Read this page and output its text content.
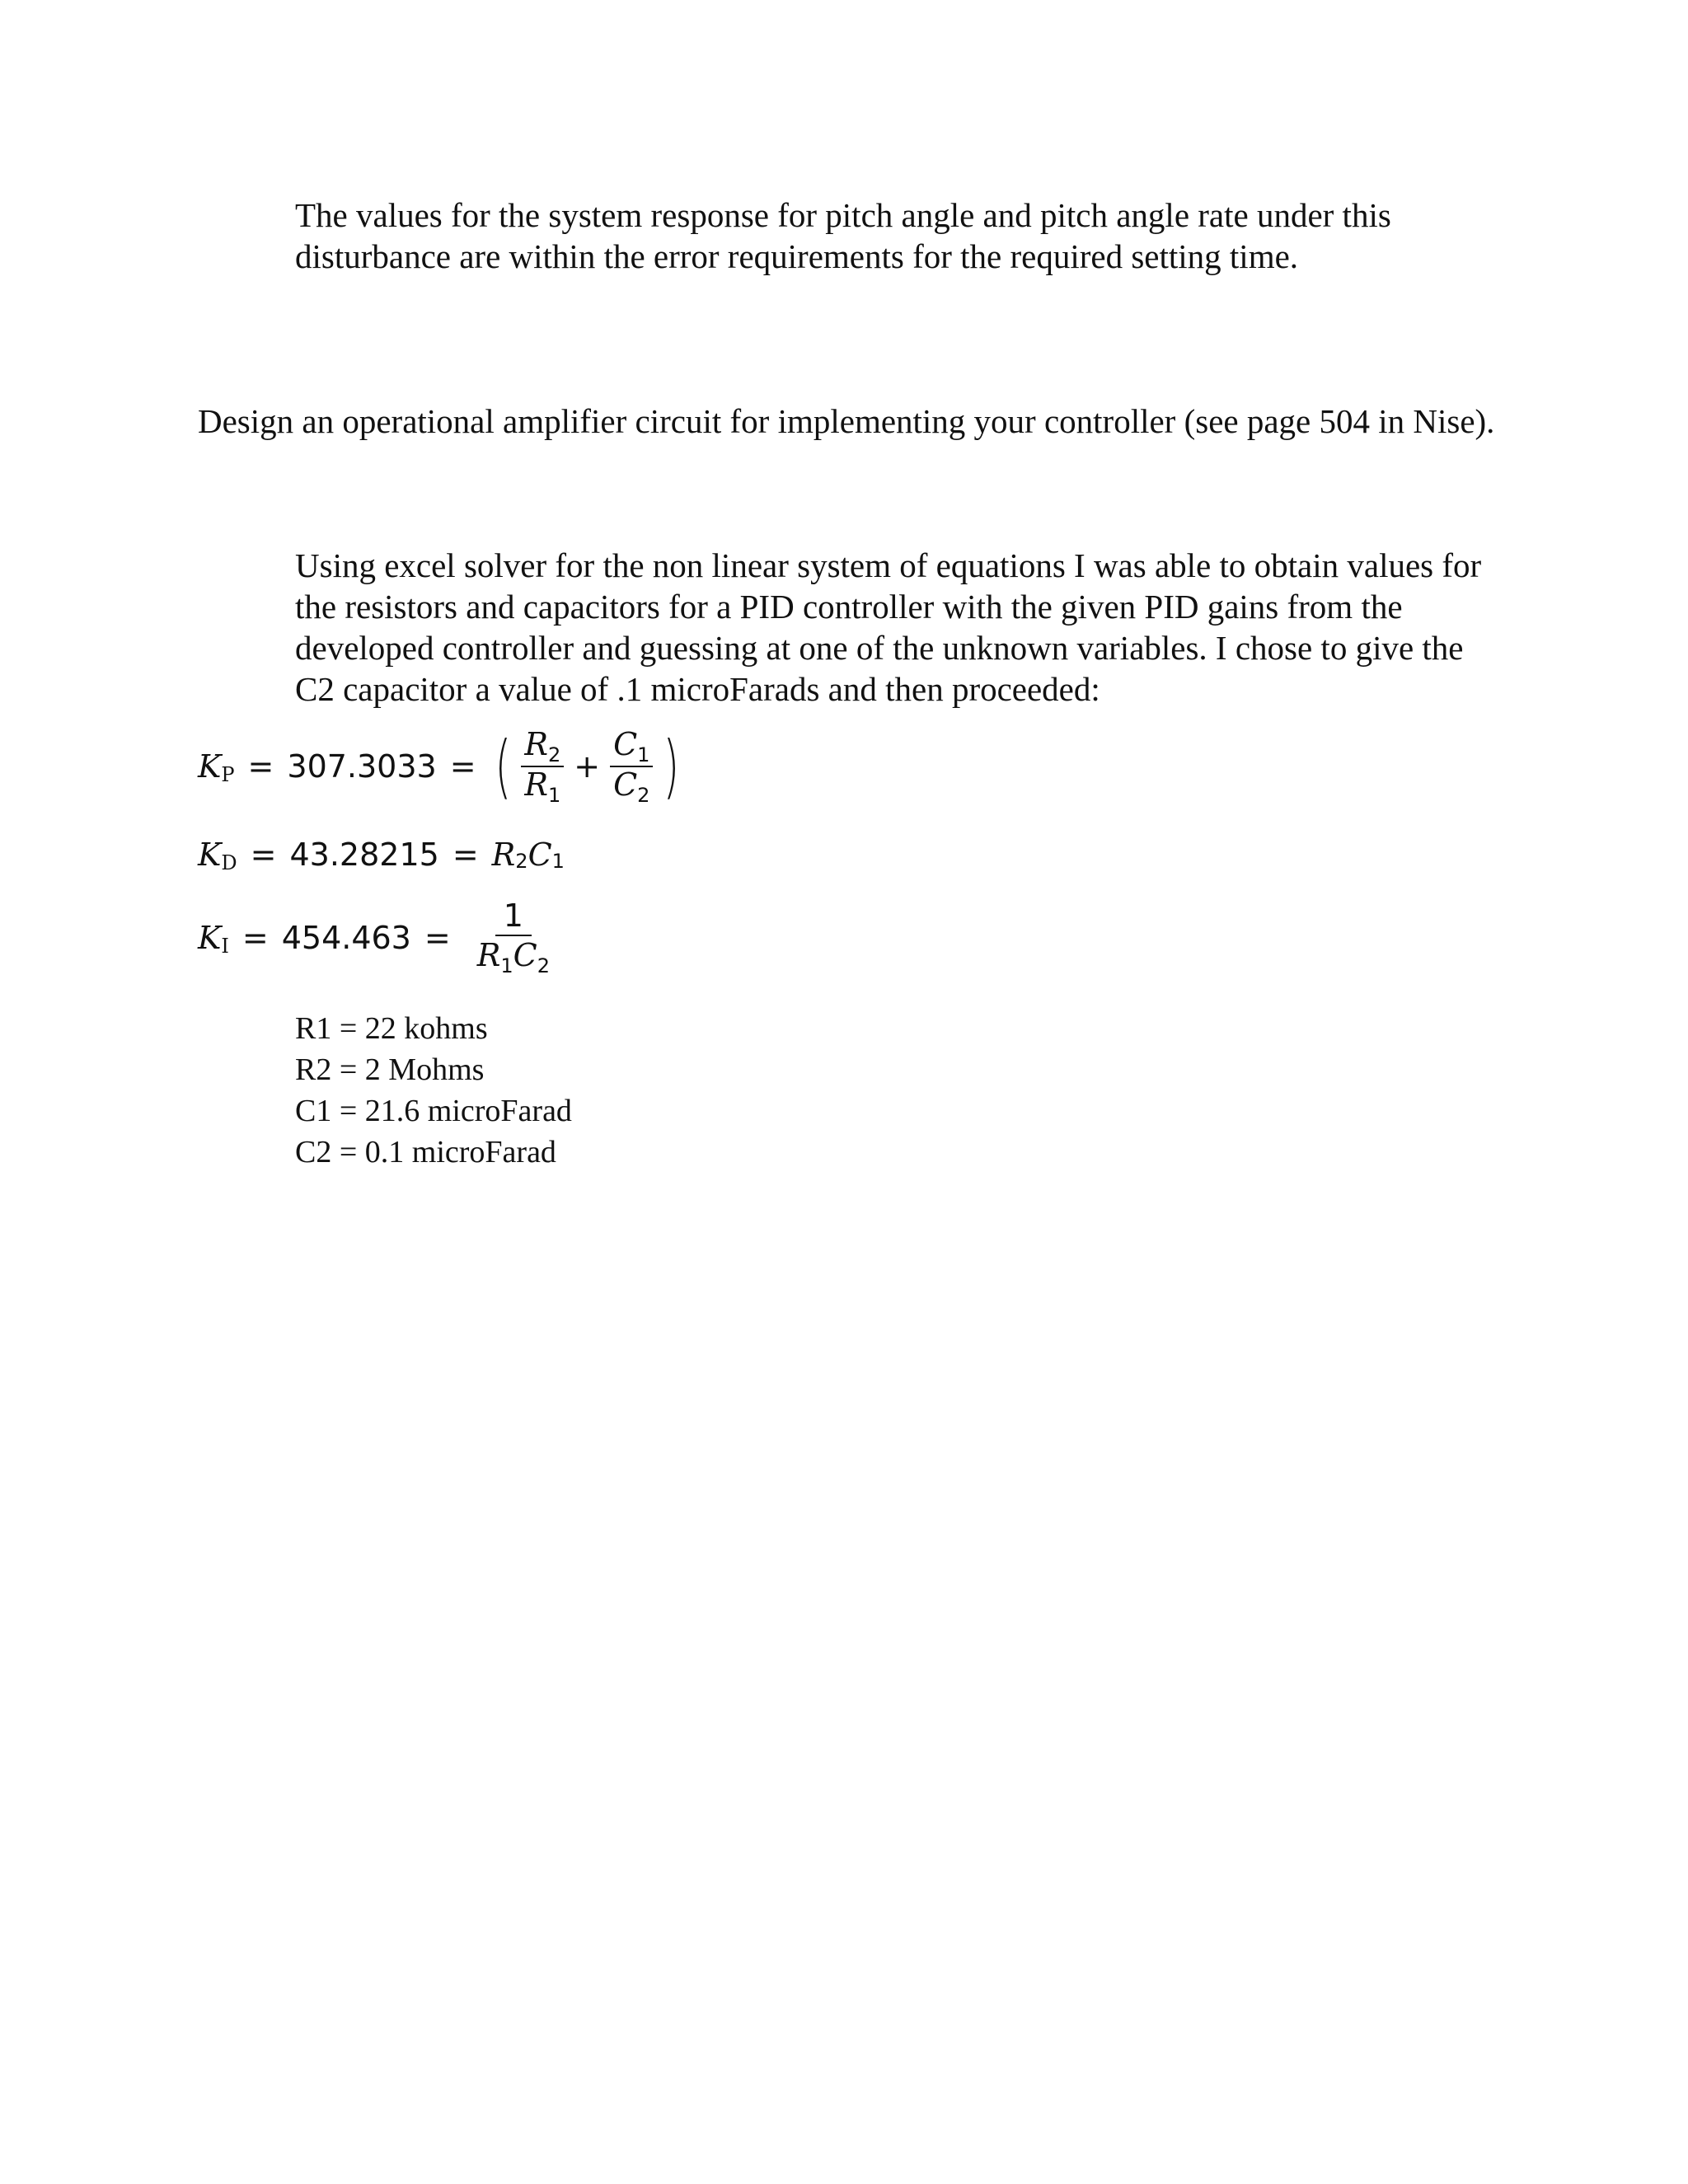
The values for the system response for pitch angle and pitch angle rate under this
disturbance are within the error requirements for the required setting time.

Design an operational amplifier circuit for implementing your controller (see page 504 in Nise).

Using excel solver for the non linear system of equations I was able to obtain values for
the resistors and capacitors for a PID controller with the given PID gains from the
developed controller and guessing at one of the unknown variables. I chose to give the
C2 capacitor a value of .1 microFarads and then proceeded:
K P = 307.3033 = ( $\frac{R_2}{R_1} + \frac{C_1}{C_2}$ )
K D = 43.28215 = R 2 C 1
K $I = 454.463 = \frac{1}{R_1C_2}$
R1 = 22 kohms
R2 = 2 Mohms
C1 = 21.6 microFarad
C2 = 0.1 microFarad
